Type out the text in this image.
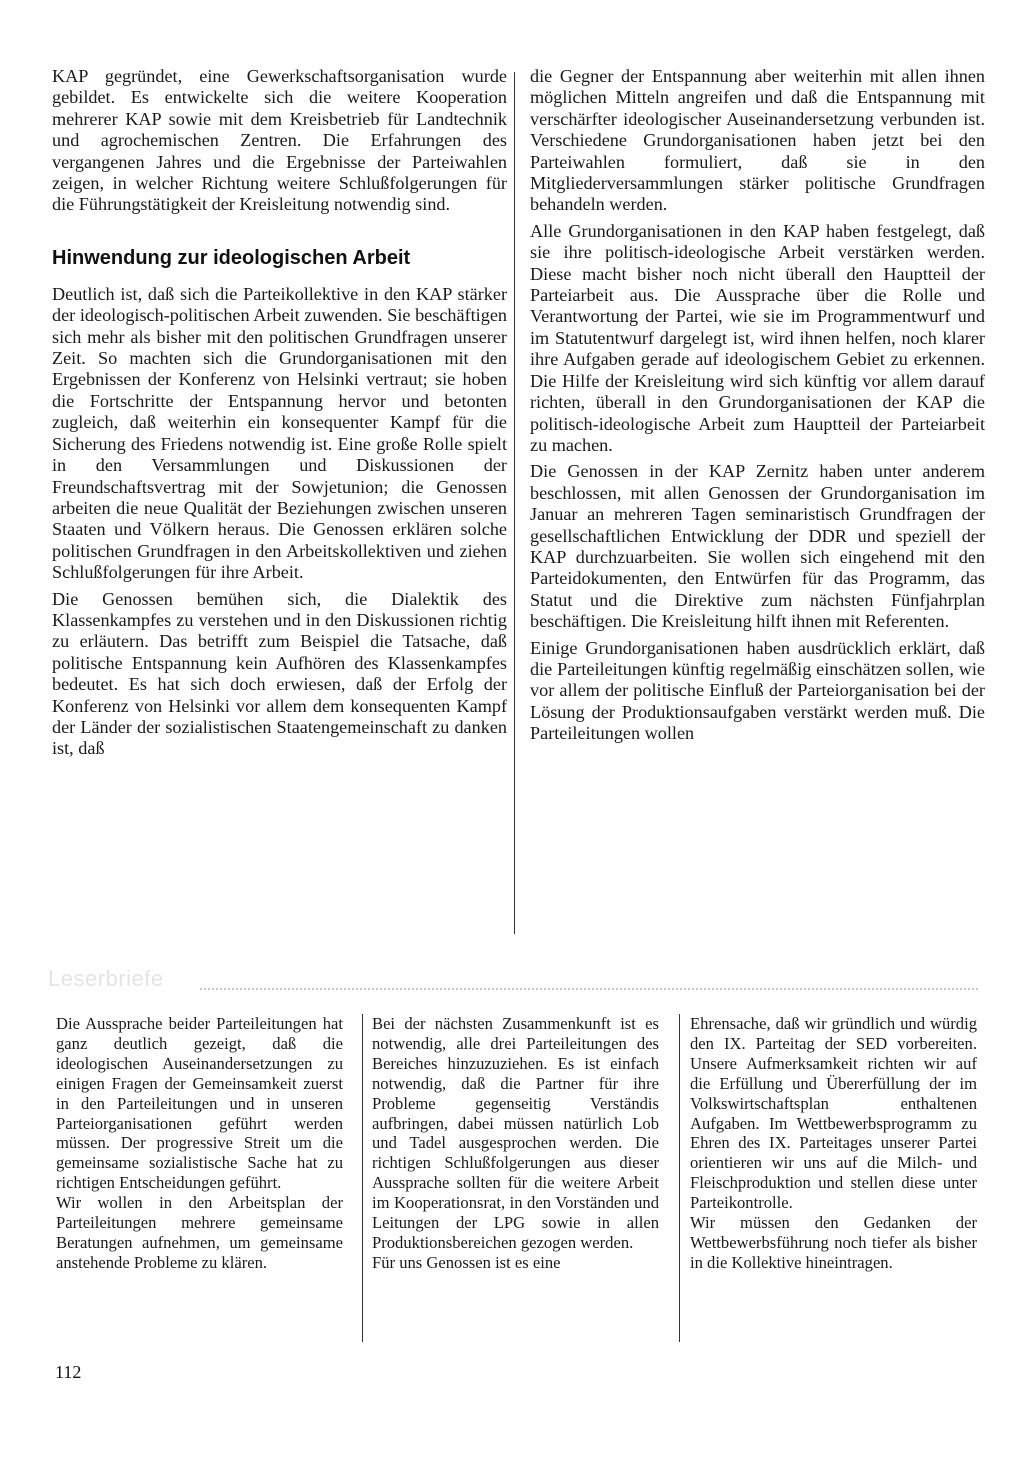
KAP gegründet, eine Gewerkschaftsorganisation wurde gebildet. Es entwickelte sich die weitere Kooperation mehrerer KAP sowie mit dem Kreisbetrieb für Landtechnik und agrochemischen Zentren. Die Erfahrungen des vergangenen Jahres und die Ergebnisse der Parteiwahlen zeigen, in welcher Richtung weitere Schlußfolgerungen für die Führungstätigkeit der Kreisleitung notwendig sind.

Hinwendung zur ideologischen Arbeit

Deutlich ist, daß sich die Parteikollektive in den KAP stärker der ideologisch-politischen Arbeit zuwenden. Sie beschäftigen sich mehr als bisher mit den politischen Grundfragen unserer Zeit. So machten sich die Grundorganisationen mit den Ergebnissen der Konferenz von Helsinki vertraut; sie hoben die Fortschritte der Entspannung hervor und betonten zugleich, daß weiterhin ein konsequenter Kampf für die Sicherung des Friedens notwendig ist. Eine große Rolle spielt in den Versammlungen und Diskussionen der Freundschaftsvertrag mit der Sowjetunion; die Genossen arbeiten die neue Qualität der Beziehungen zwischen unseren Staaten und Völkern heraus. Die Genossen erklären solche politischen Grundfragen in den Arbeitskollektiven und ziehen Schlußfolgerungen für ihre Arbeit.

Die Genossen bemühen sich, die Dialektik des Klassenkampfes zu verstehen und in den Diskussionen richtig zu erläutern. Das betrifft zum Beispiel die Tatsache, daß politische Entspannung kein Aufhören des Klassenkampfes bedeutet. Es hat sich doch erwiesen, daß der Erfolg der Konferenz von Helsinki vor allem dem konsequenten Kampf der Länder der sozialistischen Staatengemeinschaft zu danken ist, daß

die Gegner der Entspannung aber weiterhin mit allen ihnen möglichen Mitteln angreifen und daß die Entspannung mit verschärfter ideologischer Auseinandersetzung verbunden ist. Verschiedene Grundorganisationen haben jetzt bei den Parteiwahlen formuliert, daß sie in den Mitgliederversammlungen stärker politische Grundfragen behandeln werden.

Alle Grundorganisationen in den KAP haben festgelegt, daß sie ihre politisch-ideologische Arbeit verstärken werden. Diese macht bisher noch nicht überall den Hauptteil der Parteiarbeit aus. Die Aussprache über die Rolle und Verantwortung der Partei, wie sie im Programmentwurf und im Statutentwurf dargelegt ist, wird ihnen helfen, noch klarer ihre Aufgaben gerade auf ideologischem Gebiet zu erkennen. Die Hilfe der Kreisleitung wird sich künftig vor allem darauf richten, überall in den Grundorganisationen der KAP die politisch-ideologische Arbeit zum Hauptteil der Parteiarbeit zu machen.

Die Genossen in der KAP Zernitz haben unter anderem beschlossen, mit allen Genossen der Grundorganisation im Januar an mehreren Tagen seminaristisch Grundfragen der gesellschaftlichen Entwicklung der DDR und speziell der KAP durchzuarbeiten. Sie wollen sich eingehend mit den Parteidokumenten, den Entwürfen für das Programm, das Statut und die Direktive zum nächsten Fünfjahrplan beschäftigen. Die Kreisleitung hilft ihnen mit Referenten.

Einige Grundorganisationen haben ausdrücklich erklärt, daß die Parteileitungen künftig regelmäßig einschätzen sollen, wie vor allem der politische Einfluß der Parteiorganisation bei der Lösung der Produktionsaufgaben verstärkt werden muß. Die Parteileitungen wollen

Leserbriefe

Die Aussprache beider Parteileitungen hat ganz deutlich gezeigt, daß die ideologischen Auseinandersetzungen zu einigen Fragen der Gemeinsamkeit zuerst in den Parteileitungen und in unseren Parteiorganisationen geführt werden müssen. Der progressive Streit um die gemeinsame sozialistische Sache hat zu richtigen Entscheidungen geführt.

Wir wollen in den Arbeitsplan der Parteileitungen mehrere gemeinsame Beratungen aufnehmen, um gemeinsame anstehende Probleme zu klären.

Bei der nächsten Zusammenkunft ist es notwendig, alle drei Parteileitungen des Bereiches hinzuzuziehen. Es ist einfach notwendig, daß die Partner für ihre Probleme gegenseitig Verständis aufbringen, dabei müssen natürlich Lob und Tadel ausgesprochen werden. Die richtigen Schlußfolgerungen aus dieser Aussprache sollten für die weitere Arbeit im Kooperationsrat, in den Vorständen und Leitungen der LPG sowie in allen Produktionsbereichen gezogen werden.

Für uns Genossen ist es eine

Ehrensache, daß wir gründlich und würdig den IX. Parteitag der SED vorbereiten. Unsere Aufmerksamkeit richten wir auf die Erfüllung und Übererfüllung der im Volkswirtschaftsplan enthaltenen Aufgaben. Im Wettbewerbsprogramm zu Ehren des IX. Parteitages unserer Partei orientieren wir uns auf die Milch- und Fleischproduktion und stellen diese unter Parteikontrolle.

Wir müssen den Gedanken der Wettbewerbsführung noch tiefer als bisher in die Kollektive hineintragen.

112
